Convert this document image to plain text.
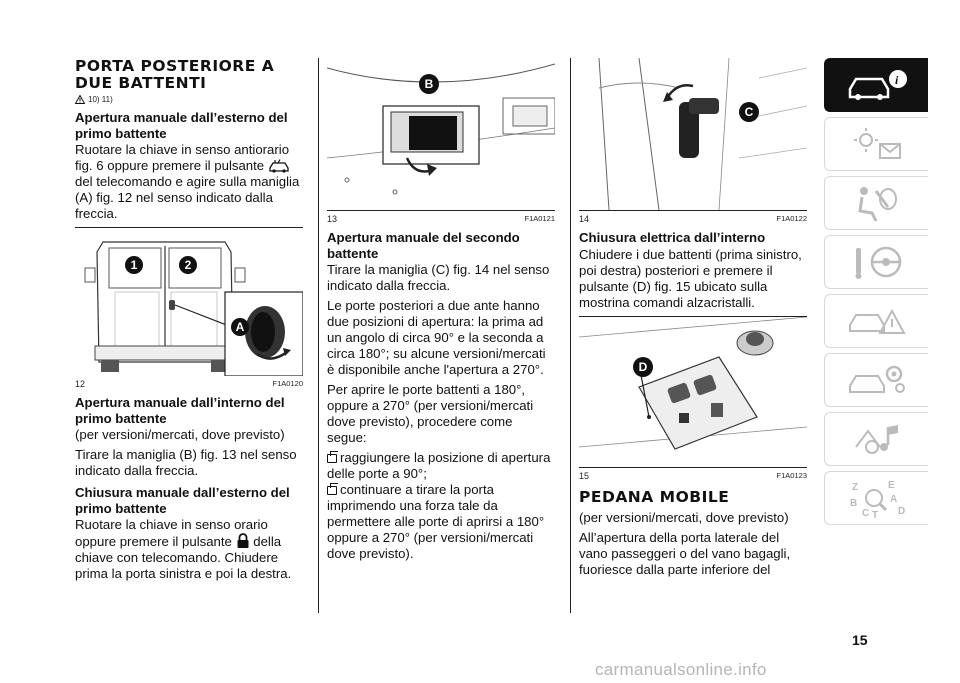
PORTA POSTERIORE A
DUE BATTENTI
10) 11)
Apertura manuale dall’esterno del primo battente

Ruotare la chiave in senso antiorario fig. 6 oppure premere il pulsante  del telecomando e agire sulla maniglia (A) fig. 12 nel senso indicato dalla freccia.

1	2
A
12	F1A0120
Apertura manuale dall’interno del primo battente

(per versioni/mercati, dove previsto)

Tirare la maniglia (B) fig. 13 nel senso indicato dalla freccia.

Chiusura manuale dall’esterno del primo battente

Ruotare la chiave in senso orario oppure premere il pulsante della chiave con telecomando. Chiudere prima la porta sinistra e poi la destra.

B
13	F1A0121
Apertura manuale del secondo battente

Tirare la maniglia (C) fig. 14 nel senso indicato dalla freccia.

Le porte posteriori a due ante hanno due posizioni di apertura: la prima ad un angolo di circa 90° e la seconda a circa 180°; su alcune versioni/mercati è disponibile anche l'apertura a 270°.

Per aprire le porte battenti a 180°, oppure a 270° (per versioni/mercati dove previsto), procedere come segue:

raggiungere la posizione di apertura delle porte a 90°;
continuare a tirare la porta imprimendo una forza tale da permettere alle porte di aprirsi a 180° oppure a 270° (per versioni/mercati dove previsto).
C
14	F1A0122
Chiusura elettrica dall’interno

Chiudere i due battenti (prima sinistro, poi destra) posteriori e premere il pulsante (D) fig. 15 ubicato sulla mostrina comandi alzacristalli.

D
15	F1A0123
PEDANA MOBILE

(per versioni/mercati, dove previsto)

All’apertura della porta laterale del vano passeggeri o del vano bagagli, fuoriesce dalla parte inferiore del

i
Z	E
B	A
C T D
15
carmanualsonline.info
